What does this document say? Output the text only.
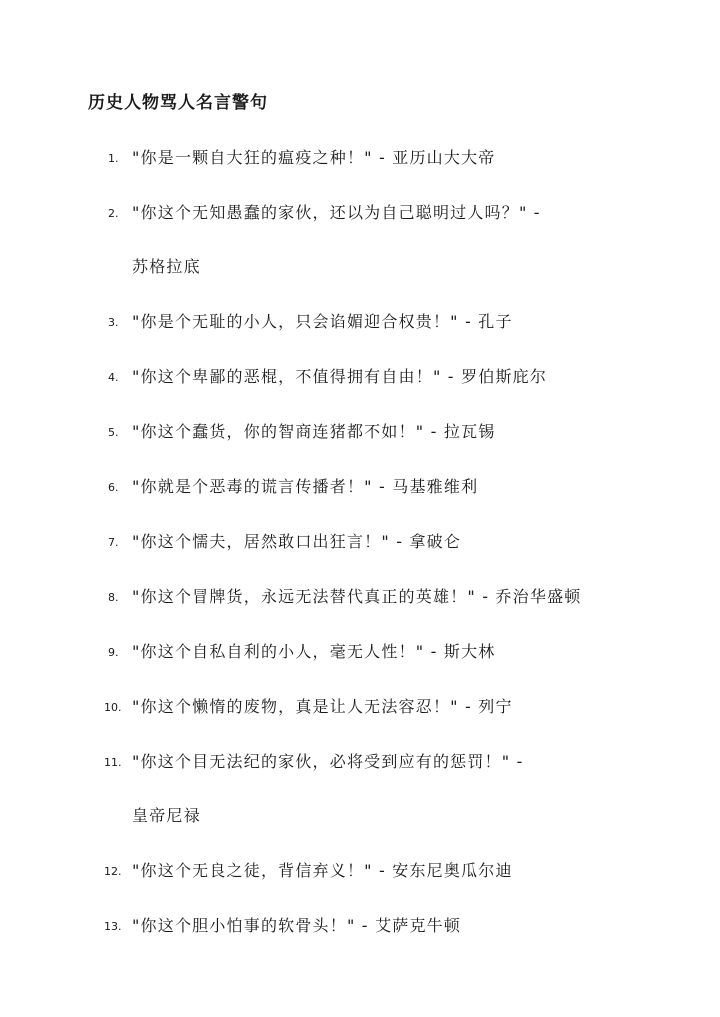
历史人物骂人名言警句
1. "你是一颗自大狂的瘟疫之种！" - 亚历山大大帝
2. "你这个无知愚蠢的家伙，还以为自己聪明过人吗？" -
苏格拉底
3. "你是个无耻的小人，只会谄媚迎合权贵！" - 孔子
4. "你这个卑鄙的恶棍，不值得拥有自由！" - 罗伯斯庇尔
5. "你这个蠢货，你的智商连猪都不如！" - 拉瓦锡
6. "你就是个恶毒的谎言传播者！" - 马基雅维利
7. "你这个懦夫，居然敢口出狂言！" - 拿破仑
8. "你这个冒牌货，永远无法替代真正的英雄！" - 乔治华盛顿
9. "你这个自私自利的小人，毫无人性！" - 斯大林
10. "你这个懒惰的废物，真是让人无法容忍！" - 列宁
11. "你这个目无法纪的家伙，必将受到应有的惩罚！" -
皇帝尼禄
12. "你这个无良之徒，背信弃义！" - 安东尼奥瓜尔迪
13. "你这个胆小怕事的软骨头！" - 艾萨克牛顿
